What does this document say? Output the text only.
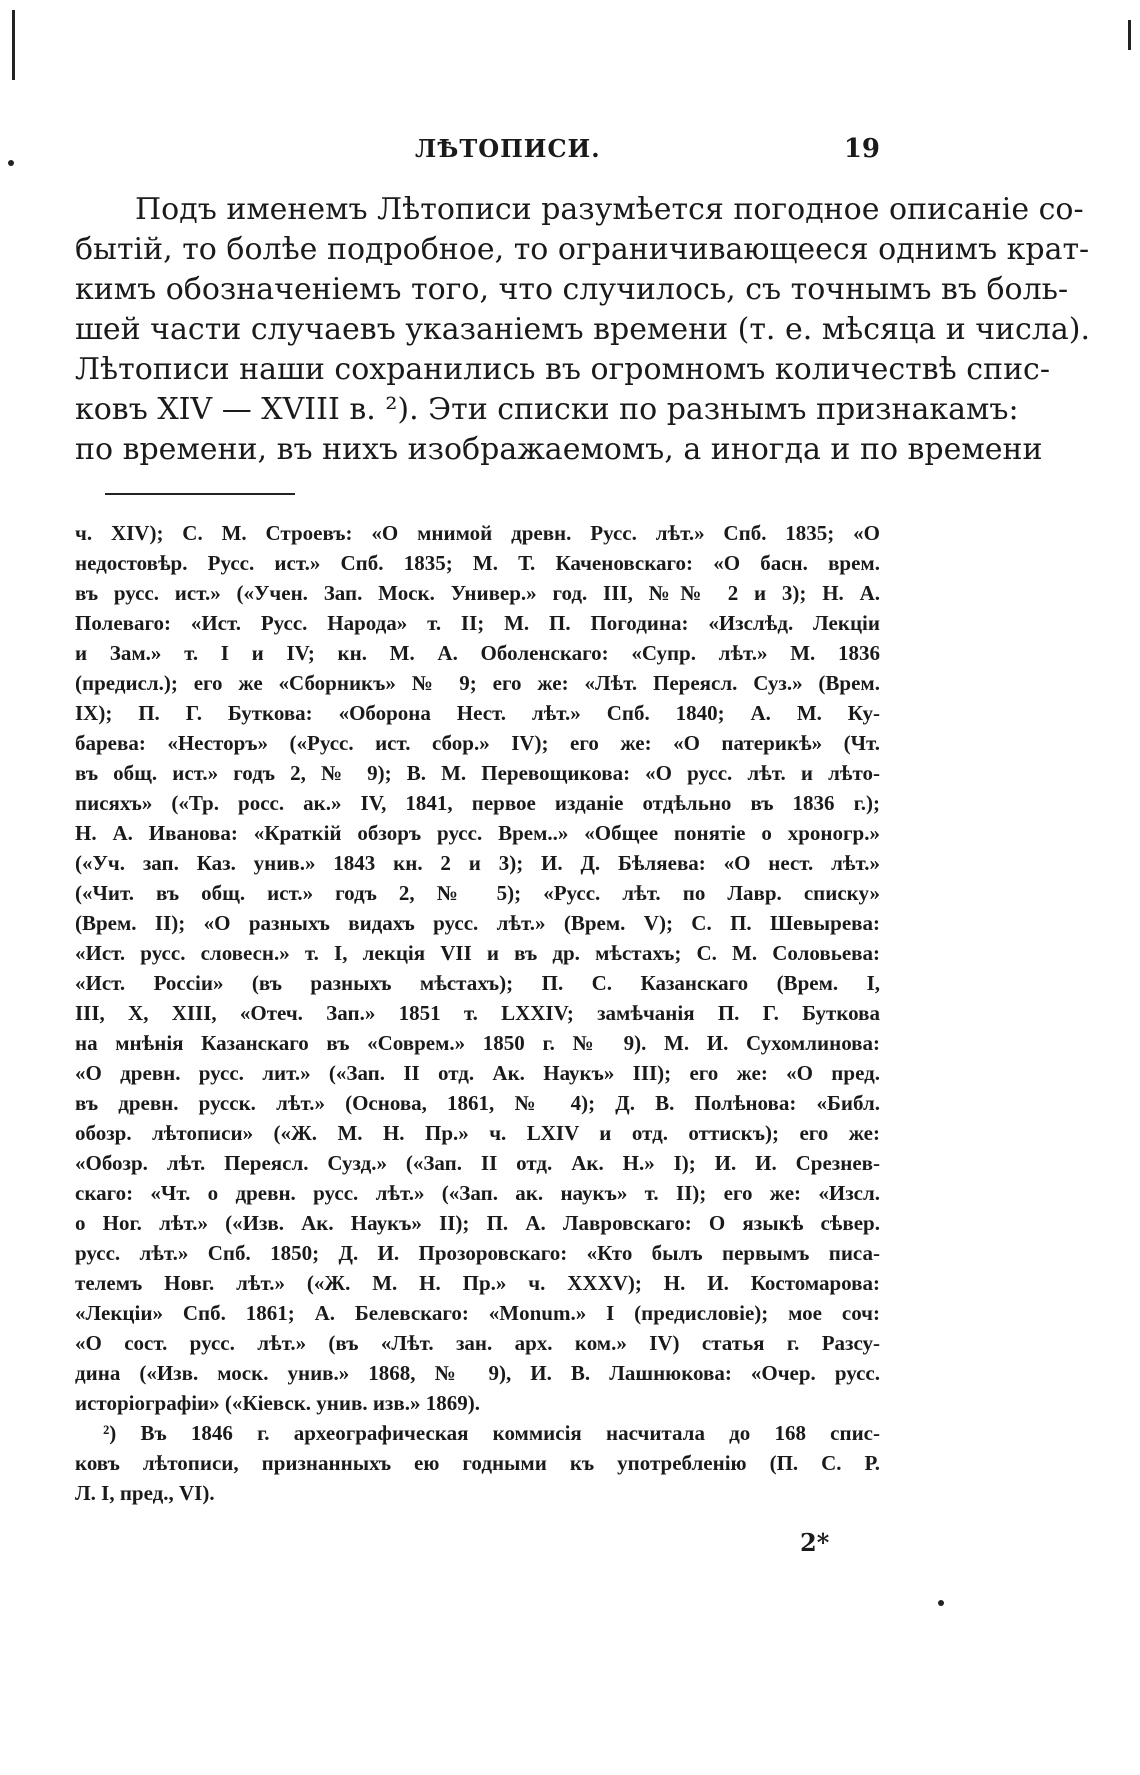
ЛѢТОПИСИ.	19
Подъ именемъ Лѣтописи разумѣется погодное описаніе со-
бытій, то болѣе подробное, то ограничивающееся однимъ крат-
кимъ обозначеніемъ того, что случилось, съ точнымъ въ боль-
шей части случаевъ указаніемъ времени (т. е. мѣсяца и числа).
Лѣтописи наши сохранились въ огромномъ количествѣ спис-
ковъ XIV — XVIII в. ²). Эти списки по разнымъ признакамъ:
по времени, въ нихъ изображаемомъ, а иногда и по времени
ч. XIV); С. М. Строевъ: «О мнимой древн. Русс. лѣт.» Спб. 1835; «О
недостовѣр. Русс. ист.» Спб. 1835; М. Т. Каченовскаго: «О басн. врем.
въ русс. ист.» («Учен. Зап. Моск. Универ.» год. III, №№ 2 и 3); Н. А.
Полеваго: «Ист. Русс. Народа» т. II; М. П. Погодина: «Изслѣд. Лекціи
и Зам.» т. I и IV; кн. М. А. Оболенскаго: «Супр. лѣт.» М. 1836
(предисл.); его же «Сборникъ» № 9; его же: «Лѣт. Переясл. Суз.» (Врем.
IX); П. Г. Буткова: «Оборона Нест. лѣт.» Спб. 1840; А. М. Ку-
барева: «Несторъ» («Русс. ист. сбор.» IV); его же: «О патерикѣ» (Чт.
въ общ. ист.» годъ 2, № 9); В. М. Перевощикова: «О русс. лѣт. и лѣто-
писяхъ» («Тр. росс. ак.» IV, 1841, первое изданіе отдѣльно въ 1836 г.);
Н. А. Иванова: «Краткій обзоръ русс. Врем..» «Общее понятіе о хроногр.»
(«Уч. зап. Каз. унив.» 1843 кн. 2 и 3); И. Д. Бѣляева: «О нест. лѣт.»
(«Чит. въ общ. ист.» годъ 2, № 5); «Русс. лѣт. по Лавр. списку»
(Врем. II); «О разныхъ видахъ русс. лѣт.» (Врем. V); С. П. Шевырева:
«Ист. русс. словесн.» т. I, лекція VII и въ др. мѣстахъ; С. М. Соловьева:
«Ист. Россіи» (въ разныхъ мѣстахъ); П. С. Казанскаго (Врем. I,
III, X, XIII, «Отеч. Зап.» 1851 т. LXXIV; замѣчанія П. Г. Буткова
на мнѣнія Казанскаго въ «Соврем.» 1850 г. № 9). М. И. Сухомлинова:
«О древн. русс. лит.» («Зап. II отд. Ак. Наукъ» III); его же: «О пред.
въ древн. русск. лѣт.» (Основа, 1861, № 4); Д. В. Полѣнова: «Библ.
обозр. лѣтописи» («Ж. М. Н. Пр.» ч. LXIV и отд. оттискъ); его же:
«Обозр. лѣт. Переясл. Сузд.» («Зап. II отд. Ак. Н.» I); И. И. Срезнев-
скаго: «Чт. о древн. русс. лѣт.» («Зап. ак. наукъ» т. II); его же: «Изсл.
о Ног. лѣт.» («Изв. Ак. Наукъ» II); П. А. Лавровскаго: О языкѣ сѣвер.
русс. лѣт.» Спб. 1850; Д. И. Прозоровскаго: «Кто былъ первымъ писа-
телемъ Новг. лѣт.» («Ж. М. Н. Пр.» ч. XXXV); Н. И. Костомарова:
«Лекціи» Спб. 1861; А. Белевскаго: «Monum.» I (предисловіе); мое соч:
«О сост. русс. лѣт.» (въ «Лѣт. зан. арх. ком.» IV) статья г. Разсу-
дина («Изв. моск. унив.» 1868, № 9), И. В. Лашнюкова: «Очер. русс.
исторіографіи» («Кіевск. унив. изв.» 1869).
²) Въ 1846 г. археографическая коммисія насчитала до 168 спис-
ковъ лѣтописи, признанныхъ ею годными къ употребленію (П. С. Р.
Л. I, пред., VI).
2*
